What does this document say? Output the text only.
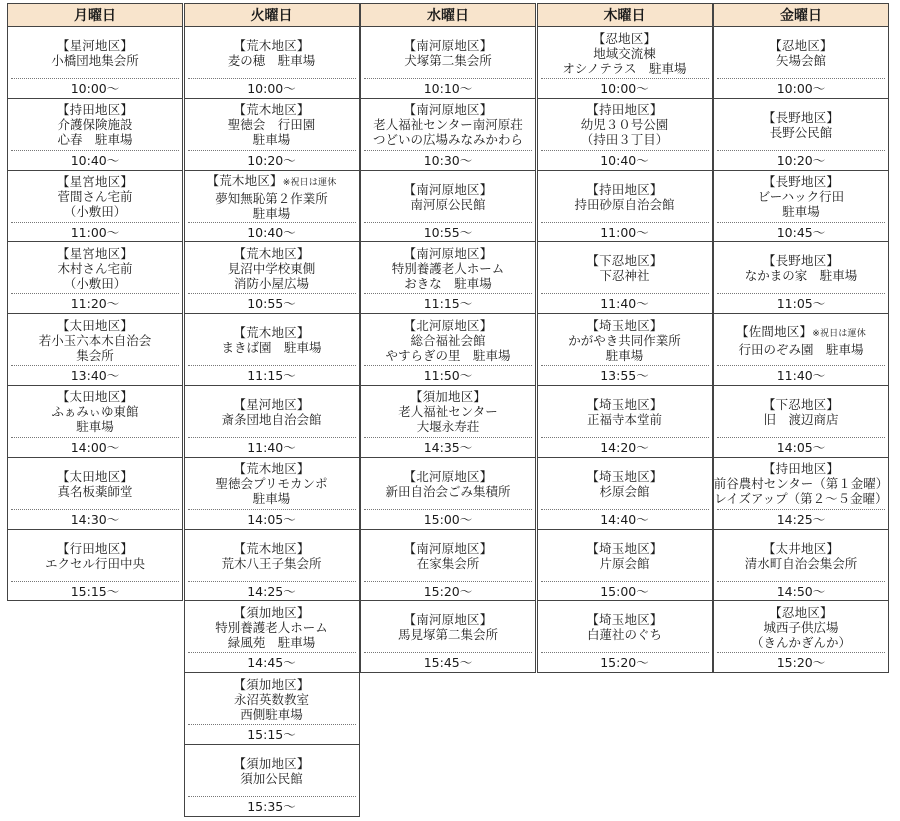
月曜日
【星河地区】
小橋団地集会所
10:00～
【持田地区】
介護保険施設
心春　駐車場
10:40～
【星宮地区】
菅間さん宅前
（小敷田）
11:00～
【星宮地区】
木村さん宅前
（小敷田）
11:20～
【太田地区】
若小玉六本木自治会
集会所
13:40～
【太田地区】
ふぁみぃゆ東館
駐車場
14:00～
【太田地区】
真名板薬師堂
14:30～
【行田地区】
エクセル行田中央
15:15～
火曜日
【荒木地区】
麦の穂　駐車場
10:00～
【荒木地区】
聖徳会　行田園
駐車場
10:20～
【荒木地区】※祝日は運休
夢知無恥第２作業所
駐車場
10:40～
【荒木地区】
見沼中学校東側
消防小屋広場
10:55～
【荒木地区】
まきば園　駐車場
11:15～
【星河地区】
斎条団地自治会館
11:40～
【荒木地区】
聖徳会プリモカンポ
駐車場
14:05～
【荒木地区】
荒木八王子集会所
14:25～
【須加地区】
特別養護老人ホーム
緑風苑　駐車場
14:45～
【須加地区】
永沼英数教室
西側駐車場
15:15～
【須加地区】
須加公民館
15:35～
水曜日
【南河原地区】
犬塚第二集会所
10:10～
【南河原地区】
老人福祉センター南河原荘
つどいの広場みなみかわら
10:30～
【南河原地区】
南河原公民館
10:55～
【南河原地区】
特別養護老人ホーム
おきな　駐車場
11:15～
【北河原地区】
総合福祉会館
やすらぎの里　駐車場
11:50～
【須加地区】
老人福祉センター
大堰永寿荘
14:35～
【北河原地区】
新田自治会ごみ集積所
15:00～
【南河原地区】
在家集会所
15:20～
【南河原地区】
馬見塚第二集会所
15:45～
木曜日
【忍地区】
地域交流棟
オシノテラス　駐車場
10:00～
【持田地区】
幼児３０号公園
（持田３丁目）
10:40～
【持田地区】
持田砂原自治会館
11:00～
【下忍地区】
下忍神社
11:40～
【埼玉地区】
かがやき共同作業所
駐車場
13:55～
【埼玉地区】
正福寺本堂前
14:20～
【埼玉地区】
杉原会館
14:40～
【埼玉地区】
片原会館
15:00～
【埼玉地区】
白蓮社のぐち
15:20～
金曜日
【忍地区】
矢場会館
10:00～
【長野地区】
長野公民館
10:20～
【長野地区】
ビーハック行田
駐車場
10:45～
【長野地区】
なかまの家　駐車場
11:05～
【佐間地区】※祝日は運休
行田のぞみ園　駐車場
11:40～
【下忍地区】
旧　渡辺商店
14:05～
【持田地区】
前谷農村センター（第１金曜）
レイズアップ（第２～５金曜）
14:25～
【太井地区】
清水町自治会集会所
14:50～
【忍地区】
城西子供広場
（きんかぎんか）
15:20～
